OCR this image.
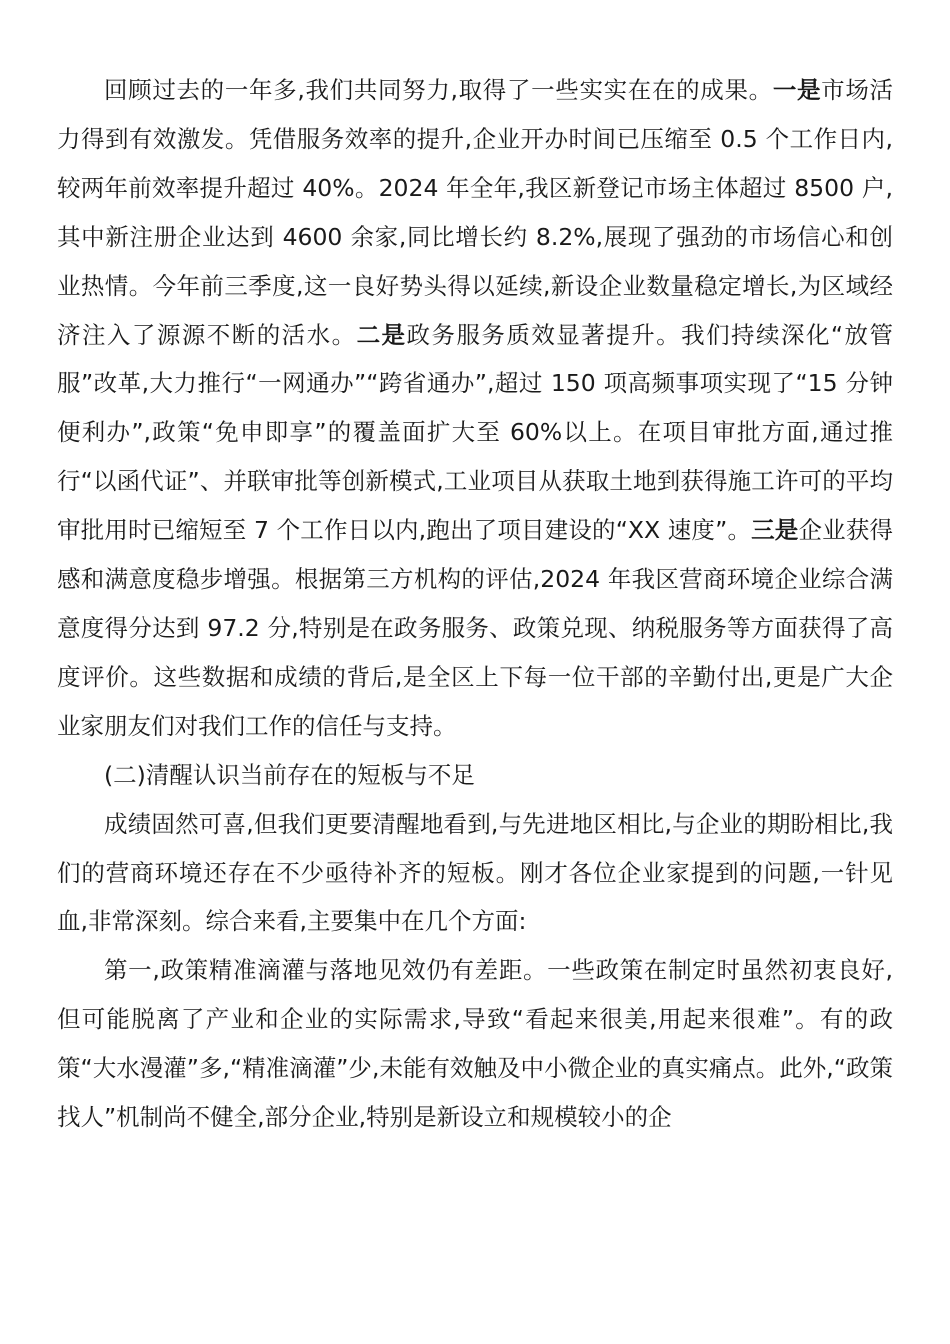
回顾过去的一年多,我们共同努力,取得了一些实实在在的成果。一是市场活力得到有效激发。凭借服务效率的提升,企业开办时间已压缩至 0.5 个工作日内,较两年前效率提升超过 40%。2024 年全年,我区新登记市场主体超过 8500 户,其中新注册企业达到 4600 余家,同比增长约 8.2%,展现了强劲的市场信心和创业热情。今年前三季度,这一良好势头得以延续,新设企业数量稳定增长,为区域经济注入了源源不断的活水。二是政务服务质效显著提升。我们持续深化“放管服”改革,大力推行“一网通办”“跨省通办”,超过 150 项高频事项实现了“15 分钟便利办”,政策“免申即享”的覆盖面扩大至 60%以上。在项目审批方面,通过推行“以函代证”、并联审批等创新模式,工业项目从获取土地到获得施工许可的平均审批用时已缩短至 7 个工作日以内,跑出了项目建设的“XX 速度”。三是企业获得感和满意度稳步增强。根据第三方机构的评估,2024 年我区营商环境企业综合满意度得分达到 97.2 分,特别是在政务服务、政策兑现、纳税服务等方面获得了高度评价。这些数据和成绩的背后,是全区上下每一位干部的辛勤付出,更是广大企业家朋友们对我们工作的信任与支持。

(二)清醒认识当前存在的短板与不足

成绩固然可喜,但我们更要清醒地看到,与先进地区相比,与企业的期盼相比,我们的营商环境还存在不少亟待补齐的短板。刚才各位企业家提到的问题,一针见血,非常深刻。综合来看,主要集中在几个方面:

第一,政策精准滴灌与落地见效仍有差距。一些政策在制定时虽然初衷良好,但可能脱离了产业和企业的实际需求,导致“看起来很美,用起来很难”。有的政策“大水漫灌”多,“精准滴灌”少,未能有效触及中小微企业的真实痛点。此外,“政策找人”机制尚不健全,部分企业,特别是新设立和规模较小的企
